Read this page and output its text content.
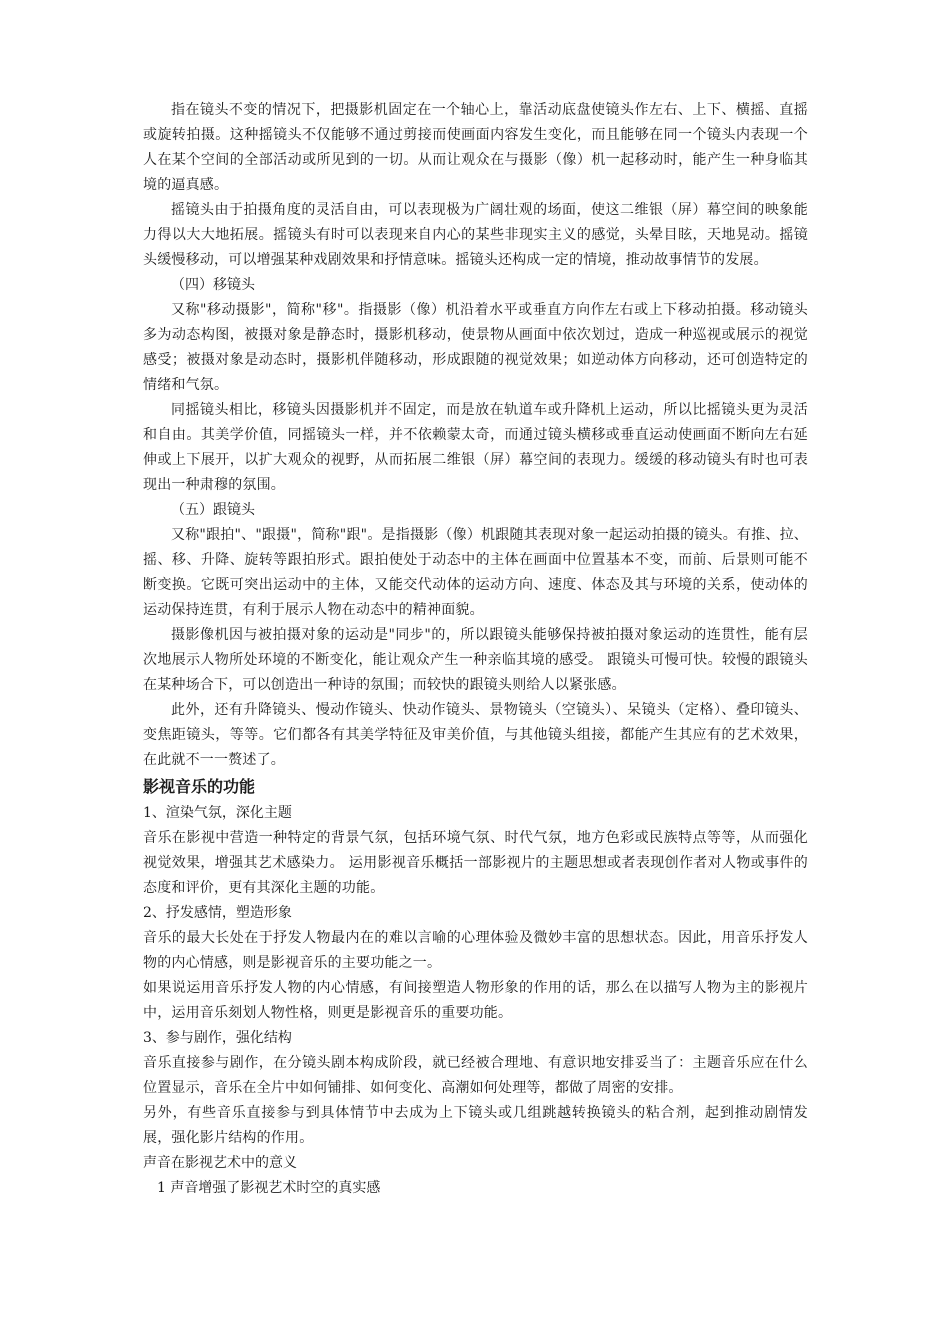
指在镜头不变的情况下，把摄影机固定在一个轴心上，靠活动底盘使镜头作左右、上下、横摇、直摇或旋转拍摄。这种摇镜头不仅能够不通过剪接而使画面内容发生变化，而且能够在同一个镜头内表现一个人在某个空间的全部活动或所见到的一切。从而让观众在与摄影（像）机一起移动时，能产生一种身临其境的逼真感。

摇镜头由于拍摄角度的灵活自由，可以表现极为广阔壮观的场面，使这二维银（屏）幕空间的映象能力得以大大地拓展。摇镜头有时可以表现来自内心的某些非现实主义的感觉，头晕目眩，天地晃动。摇镜头缓慢移动，可以增强某种戏剧效果和抒情意味。摇镜头还构成一定的情境，推动故事情节的发展。

（四）移镜头

又称"移动摄影"，简称"移"。指摄影（像）机沿着水平或垂直方向作左右或上下移动拍摄。移动镜头多为动态构图，被摄对象是静态时，摄影机移动，使景物从画面中依次划过，造成一种巡视或展示的视觉感受；被摄对象是动态时，摄影机伴随移动，形成跟随的视觉效果；如逆动体方向移动，还可创造特定的情绪和气氛。

同摇镜头相比，移镜头因摄影机并不固定，而是放在轨道车或升降机上运动，所以比摇镜头更为灵活和自由。其美学价值，同摇镜头一样，并不依赖蒙太奇，而通过镜头横移或垂直运动使画面不断向左右延伸或上下展开，以扩大观众的视野，从而拓展二维银（屏）幕空间的表现力。缓缓的移动镜头有时也可表现出一种肃穆的氛围。

（五）跟镜头

又称"跟拍"、"跟摄"，简称"跟"。是指摄影（像）机跟随其表现对象一起运动拍摄的镜头。有推、拉、摇、移、升降、旋转等跟拍形式。跟拍使处于动态中的主体在画面中位置基本不变，而前、后景则可能不断变换。它既可突出运动中的主体，又能交代动体的运动方向、速度、体态及其与环境的关系，使动体的运动保持连贯，有利于展示人物在动态中的精神面貌。

摄影像机因与被拍摄对象的运动是"同步"的，所以跟镜头能够保持被拍摄对象运动的连贯性，能有层次地展示人物所处环境的不断变化，能让观众产生一种亲临其境的感受。 跟镜头可慢可快。较慢的跟镜头在某种场合下，可以创造出一种诗的氛围；而较快的跟镜头则给人以紧张感。

此外，还有升降镜头、慢动作镜头、快动作镜头、景物镜头（空镜头）、呆镜头（定格）、叠印镜头、变焦距镜头，等等。它们都各有其美学特征及审美价值，与其他镜头组接，都能产生其应有的艺术效果，在此就不一一赘述了。

影视音乐的功能

1、渲染气氛，深化主题

音乐在影视中营造一种特定的背景气氛，包括环境气氛、时代气氛，地方色彩或民族特点等等，从而强化视觉效果，增强其艺术感染力。 运用影视音乐概括一部影视片的主题思想或者表现创作者对人物或事件的态度和评价，更有其深化主题的功能。

2、抒发感情，塑造形象

音乐的最大长处在于抒发人物最内在的难以言喻的心理体验及微妙丰富的思想状态。因此，用音乐抒发人物的内心情感，则是影视音乐的主要功能之一。

如果说运用音乐抒发人物的内心情感，有间接塑造人物形象的作用的话，那么在以描写人物为主的影视片中，运用音乐刻划人物性格，则更是影视音乐的重要功能。

3、参与剧作，强化结构

音乐直接参与剧作，在分镜头剧本构成阶段，就已经被合理地、有意识地安排妥当了：主题音乐应在什么位置显示，音乐在全片中如何铺排、如何变化、高潮如何处理等，都做了周密的安排。

另外，有些音乐直接参与到具体情节中去成为上下镜头或几组跳越转换镜头的粘合剂，起到推动剧情发展，强化影片结构的作用。

声音在影视艺术中的意义

1 声音增强了影视艺术时空的真实感
